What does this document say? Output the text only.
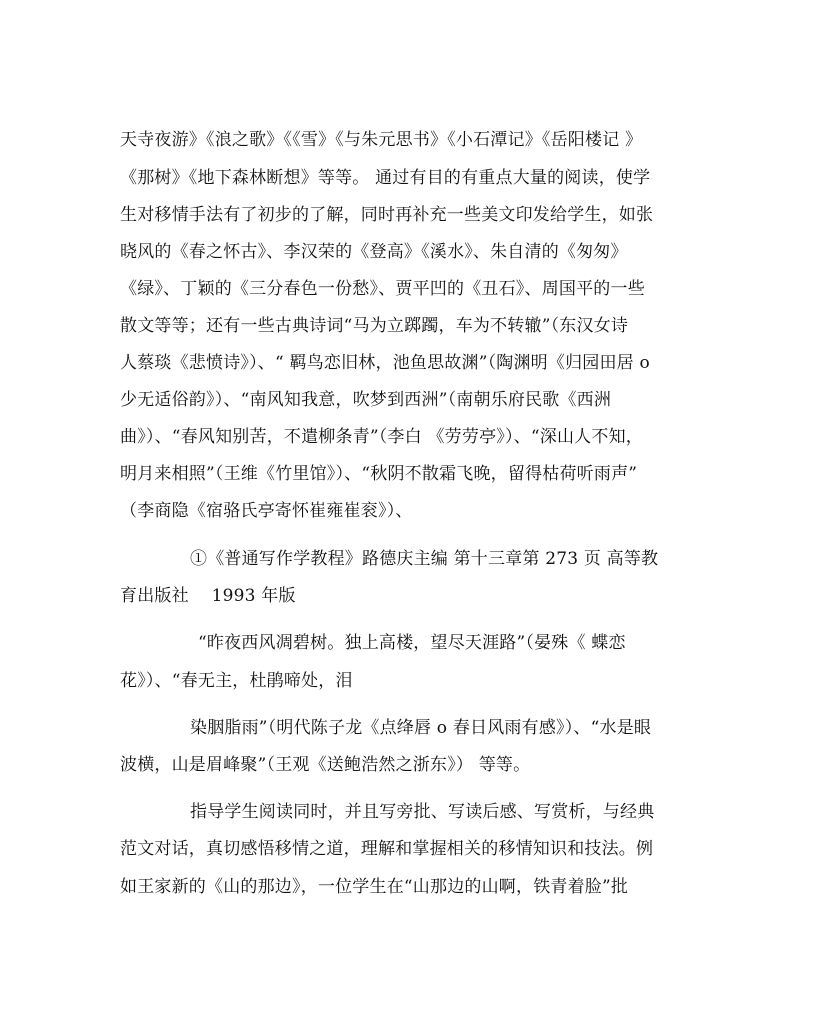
天寺夜游》《浪之歌》《《雪》《与朱元思书》《小石潭记》《岳阳楼记 》
《那树》《地下森林断想》等等。 通过有目的有重点大量的阅读，使学
生对移情手法有了初步的了解，同时再补充一些美文印发给学生，如张
晓风的《春之怀古》、李汉荣的《登高》《溪水》、朱自清的《匆匆》
《绿》、丁颖的《三分春色一份愁》、贾平凹的《丑石》、周国平的一些
散文等等；还有一些古典诗词“马为立踯躅，车为不转辙”（东汉女诗
人蔡琰《悲愤诗》）、“ 羁鸟恋旧林，池鱼思故渊”（陶渊明《归园田居 o
少无适俗韵》）、“南风知我意，吹梦到西洲”（南朝乐府民歌《西洲
曲》）、“春风知别苦，不遣柳条青”（李白 《劳劳亭》）、“深山人不知，
明月来相照”（王维《竹里馆》）、“秋阴不散霜飞晚，留得枯荷听雨声”
（李商隐《宿骆氏亭寄怀崔雍崔衮》）、
①《普通写作学教程》路德庆主编 第十三章第 273 页 高等教
育出版社　 1993 年版
“昨夜西风凋碧树。独上高楼，望尽天涯路”（晏殊《 蝶恋
花》）、“春无主，杜鹃啼处，泪
染胭脂雨”（明代陈子龙《点绛唇 o 春日风雨有感》）、“水是眼
波横，山是眉峰聚”（王观《送鲍浩然之浙东》） 等等。
指导学生阅读同时，并且写旁批、写读后感、写赏析，与经典
范文对话，真切感悟移情之道，理解和掌握相关的移情知识和技法。例
如王家新的《山的那边》，一位学生在“山那边的山啊，铁青着脸”批
